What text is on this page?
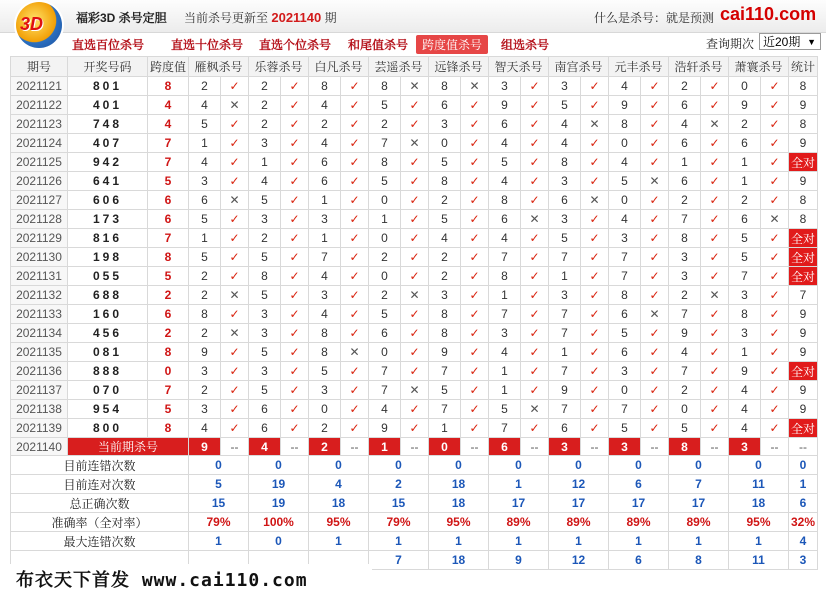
福彩3D 杀号定胆 当前杀号更新至 2021140 期	什么是杀号：就是预测 cai110.com
3D
直选百位杀号 直选十位杀号 直选个位杀号 和尾值杀号	跨度值杀号	组选杀号	查询期次 近20期 ▼
期号	开奖号码	跨度值	雁枫杀号		乐蓉杀号		白凡杀号		芸遥杀号		远锋杀号		智天杀号		南宫杀号		元丰杀号		浩轩杀号		萧寰杀号		统计
2021121	801	8	2	✓	2	✓	8	✓	8	✕	8	✕	3	✓	3	✓	4	✓	2	✓	0	✓	8
2021122	401	4	4	✕	2	✓	4	✓	5	✓	6	✓	9	✓	5	✓	9	✓	6	✓	9	✓	9
2021123	748	4	5	✓	2	✓	2	✓	2	✓	3	✓	6	✓	4	✕	8	✓	4	✕	2	✓	8
2021124	407	7	1	✓	3	✓	4	✓	7	✕	0	✓	4	✓	4	✓	0	✓	6	✓	6	✓	9
2021125	942	7	4	✓	1	✓	6	✓	8	✓	5	✓	5	✓	8	✓	4	✓	1	✓	1	✓	全对
2021126	641	5	3	✓	4	✓	6	✓	5	✓	8	✓	4	✓	3	✓	5	✕	6	✓	1	✓	9
2021127	606	6	6	✕	5	✓	1	✓	0	✓	2	✓	8	✓	6	✕	0	✓	2	✓	2	✓	8
2021128	173	6	5	✓	3	✓	3	✓	1	✓	5	✓	6	✕	3	✓	4	✓	7	✓	6	✕	8
2021129	816	7	1	✓	2	✓	1	✓	0	✓	4	✓	4	✓	5	✓	3	✓	8	✓	5	✓	全对
2021130	198	8	5	✓	5	✓	7	✓	2	✓	2	✓	7	✓	7	✓	7	✓	3	✓	5	✓	全对
2021131	055	5	2	✓	8	✓	4	✓	0	✓	2	✓	8	✓	1	✓	7	✓	3	✓	7	✓	全对
2021132	688	2	2	✕	5	✓	3	✓	2	✕	3	✓	1	✓	3	✓	8	✓	2	✕	3	✓	7
2021133	160	6	8	✓	3	✓	4	✓	5	✓	8	✓	7	✓	7	✓	6	✕	7	✓	8	✓	9
2021134	456	2	2	✕	3	✓	8	✓	6	✓	8	✓	3	✓	7	✓	5	✓	9	✓	3	✓	9
2021135	081	8	9	✓	5	✓	8	✕	0	✓	9	✓	4	✓	1	✓	6	✓	4	✓	1	✓	9
2021136	888	0	3	✓	3	✓	5	✓	7	✓	7	✓	1	✓	7	✓	3	✓	7	✓	9	✓	全对
2021137	070	7	2	✓	5	✓	3	✓	7	✕	5	✓	1	✓	9	✓	0	✓	2	✓	4	✓	9
2021138	954	5	3	✓	6	✓	0	✓	4	✓	7	✓	5	✕	7	✓	7	✓	0	✓	4	✓	9
2021139	800	8	4	✓	6	✓	2	✓	9	✓	1	✓	7	✓	6	✓	5	✓	5	✓	4	✓	全对
2021140	当前期杀号		9	--	4	--	2	--	1	--	0	--	6	--	3	--	3	--	8	--	3	--	--
目前连错次数			0		0		0		0		0		0		0		0		0		0		0
目前连对次数			5		19		4		2		18		1		12		6		7		11		1
总正确次数			15		19		18		15		18		17		17		17		17		18		6
准确率（全对率）			79%		100%		95%		79%		95%		89%		89%		89%		89%		95%		32%
最大连错次数			1		0		1		1		1		1		1		1		1		1		4
									7		18		9		12		6		8		11		3
布衣天下首发 www.cai110.com
